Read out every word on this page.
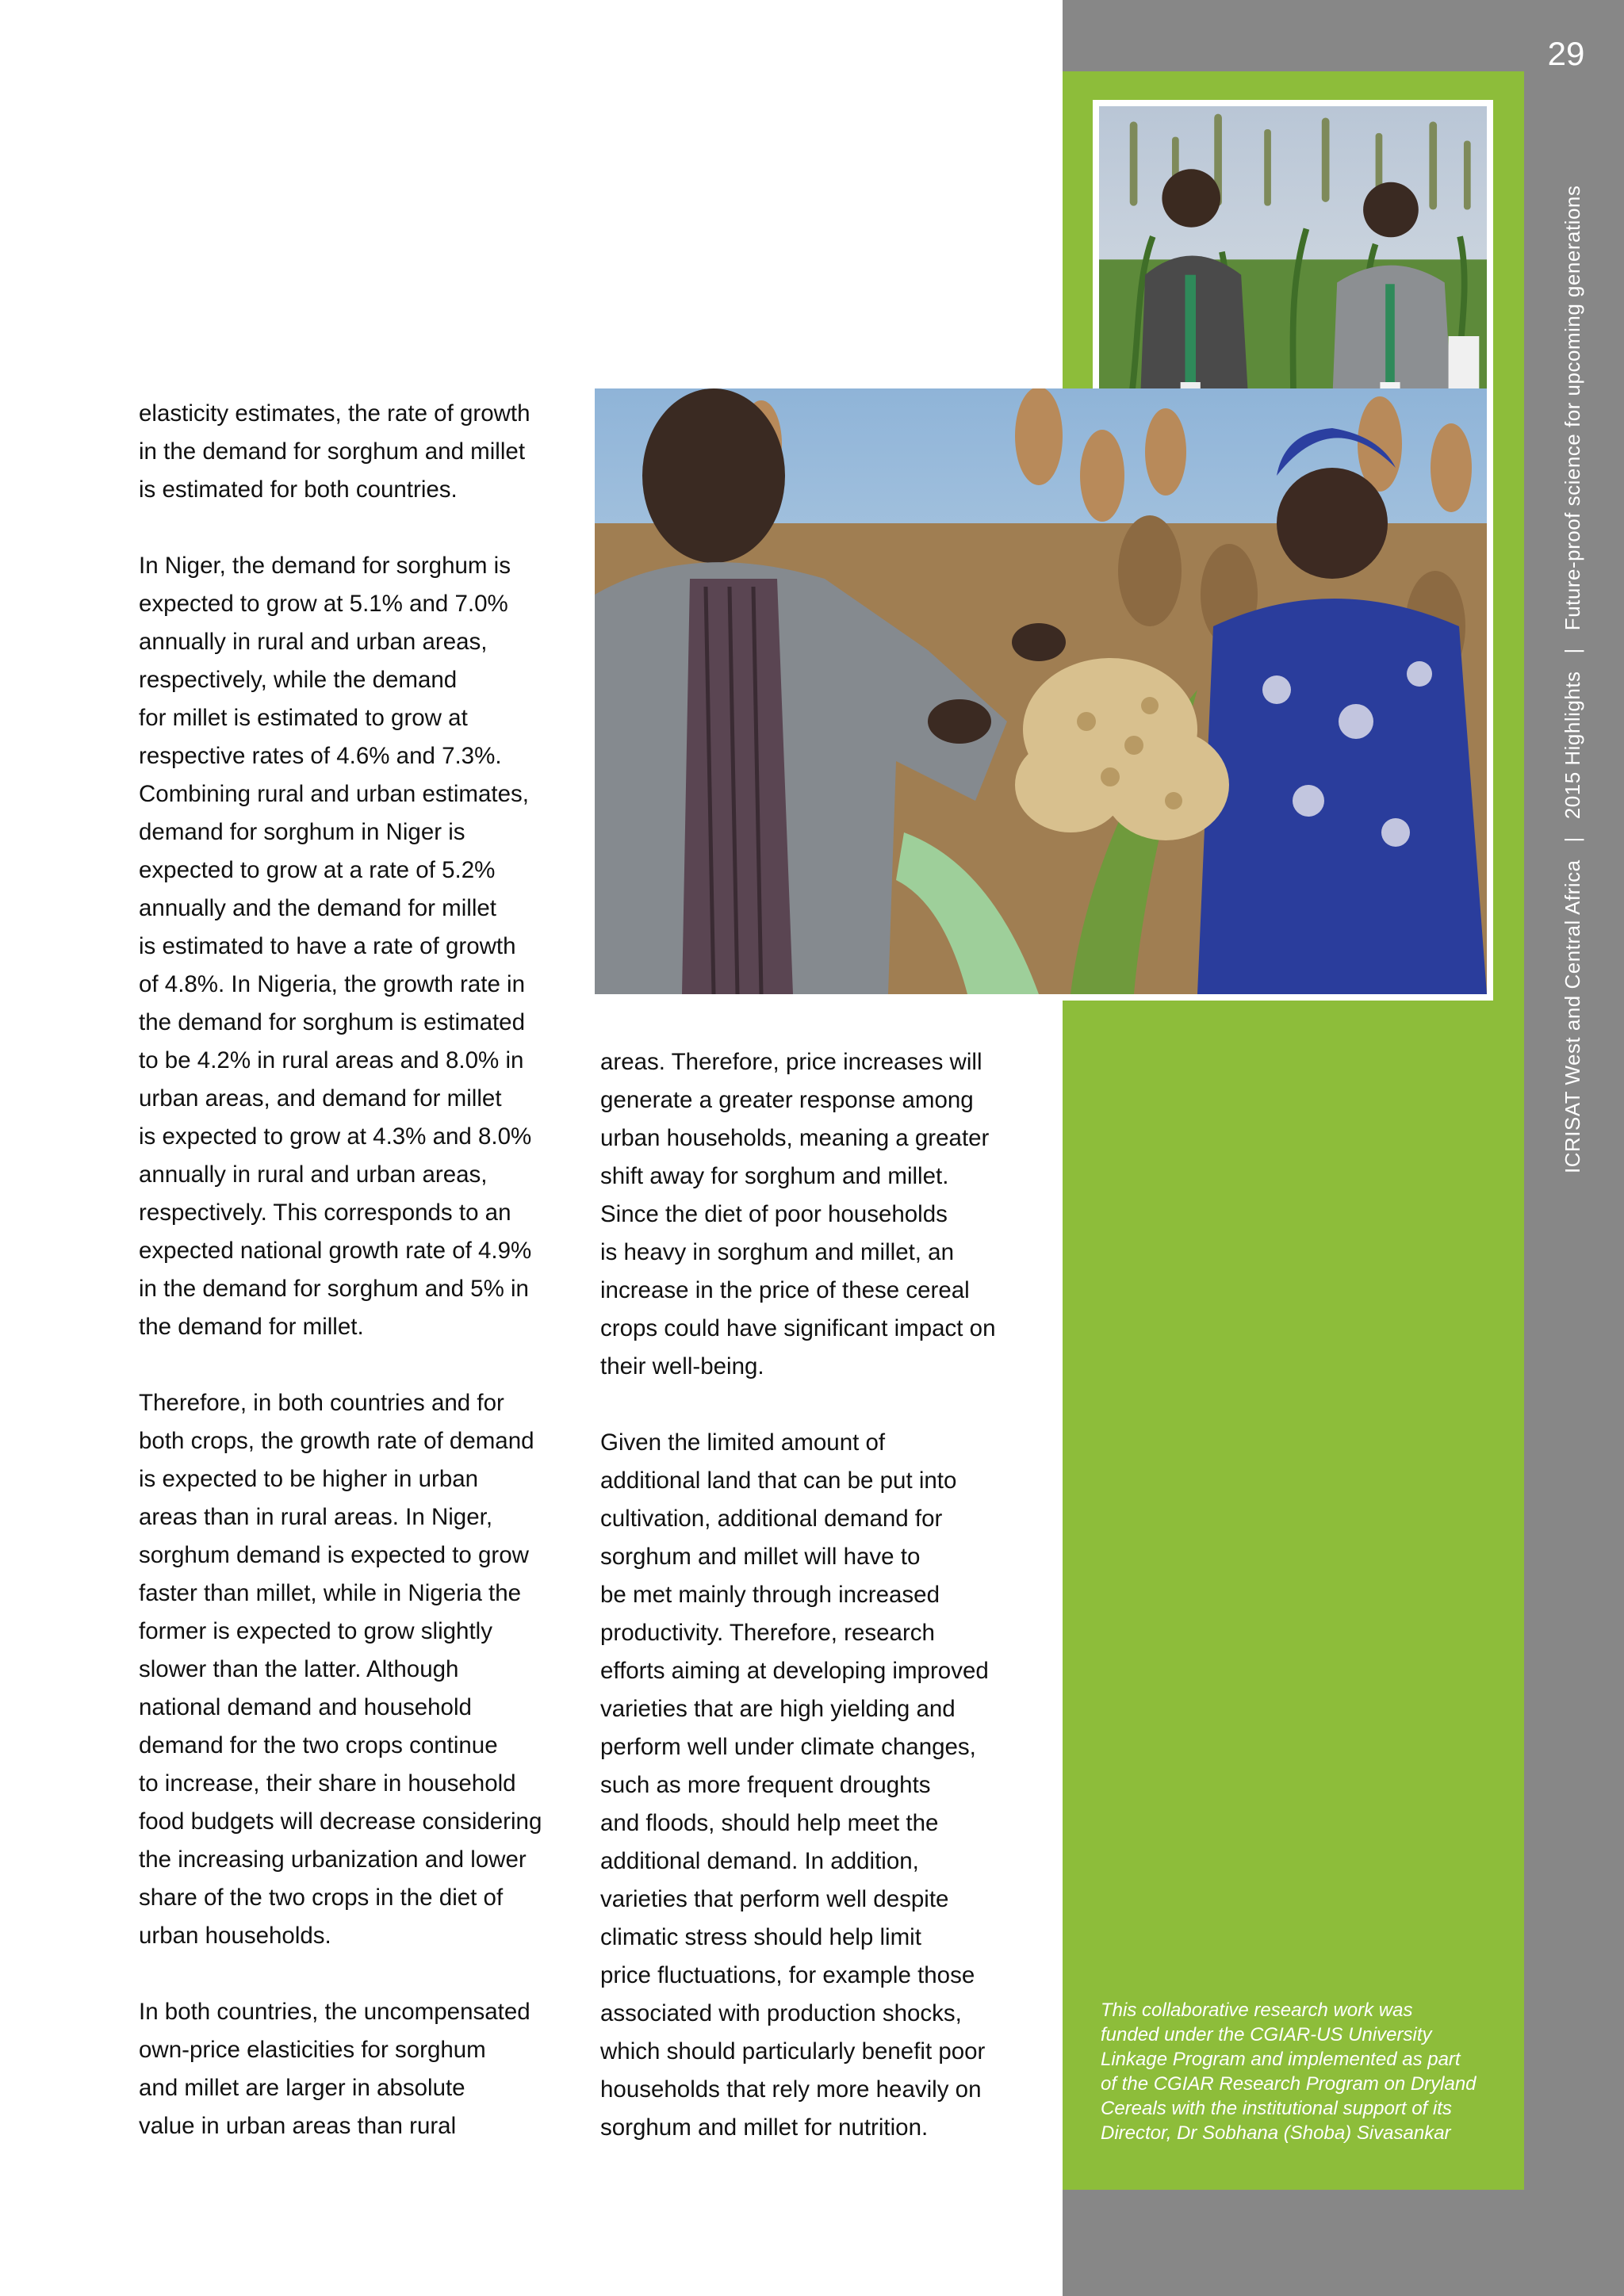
29
ICRISAT West and Central Africa|2015 Highlights|Future-proof science for upcoming generations

elasticity estimates, the rate of growth
in the demand for sorghum and millet
is estimated for both countries.

In Niger, the demand for sorghum is
expected to grow at 5.1% and 7.0%
annually in rural and urban areas,
respectively, while the demand
for millet is estimated to grow at
respective rates of 4.6% and 7.3%.
Combining rural and urban estimates,
demand for sorghum in Niger is
expected to grow at a rate of 5.2%
annually and the demand for millet
is estimated to have a rate of growth
of 4.8%. In Nigeria, the growth rate in
the demand for sorghum is estimated
to be 4.2% in rural areas and 8.0% in
urban areas, and demand for millet
is expected to grow at 4.3% and 8.0%
annually in rural and urban areas,
respectively. This corresponds to an
expected national growth rate of 4.9%
in the demand for sorghum and 5% in
the demand for millet.

Therefore, in both countries and for
both crops, the growth rate of demand
is expected to be higher in urban
areas than in rural areas. In Niger,
sorghum demand is expected to grow
faster than millet, while in Nigeria the
former is expected to grow slightly
slower than the latter. Although
national demand and household
demand for the two crops continue
to increase, their share in household
food budgets will decrease considering
the increasing urbanization and lower
share of the two crops in the diet of
urban households.

In both countries, the uncompensated
own-price elasticities for sorghum
and millet are larger in absolute
value in urban areas than rural

areas. Therefore, price increases will
generate a greater response among
urban households, meaning a greater
shift away for sorghum and millet.
Since the diet of poor households
is heavy in sorghum and millet, an
increase in the price of these cereal
crops could have significant impact on
their well-being.

Given the limited amount of
additional land that can be put into
cultivation, additional demand for
sorghum and millet will have to
be met mainly through increased
productivity. Therefore, research
efforts aiming at developing improved
varieties that are high yielding and
perform well under climate changes,
such as more frequent droughts
and floods, should help meet the
additional demand. In addition,
varieties that perform well despite
climatic stress should help limit
price fluctuations, for example those
associated with production shocks,
which should particularly benefit poor
households that rely more heavily on
sorghum and millet for nutrition.

This collaborative research work was
funded under the CGIAR-US University
Linkage Program and implemented as part
of the CGIAR Research Program on Dryland
Cereals with the institutional support of its
Director, Dr Sobhana (Shoba) Sivasankar
